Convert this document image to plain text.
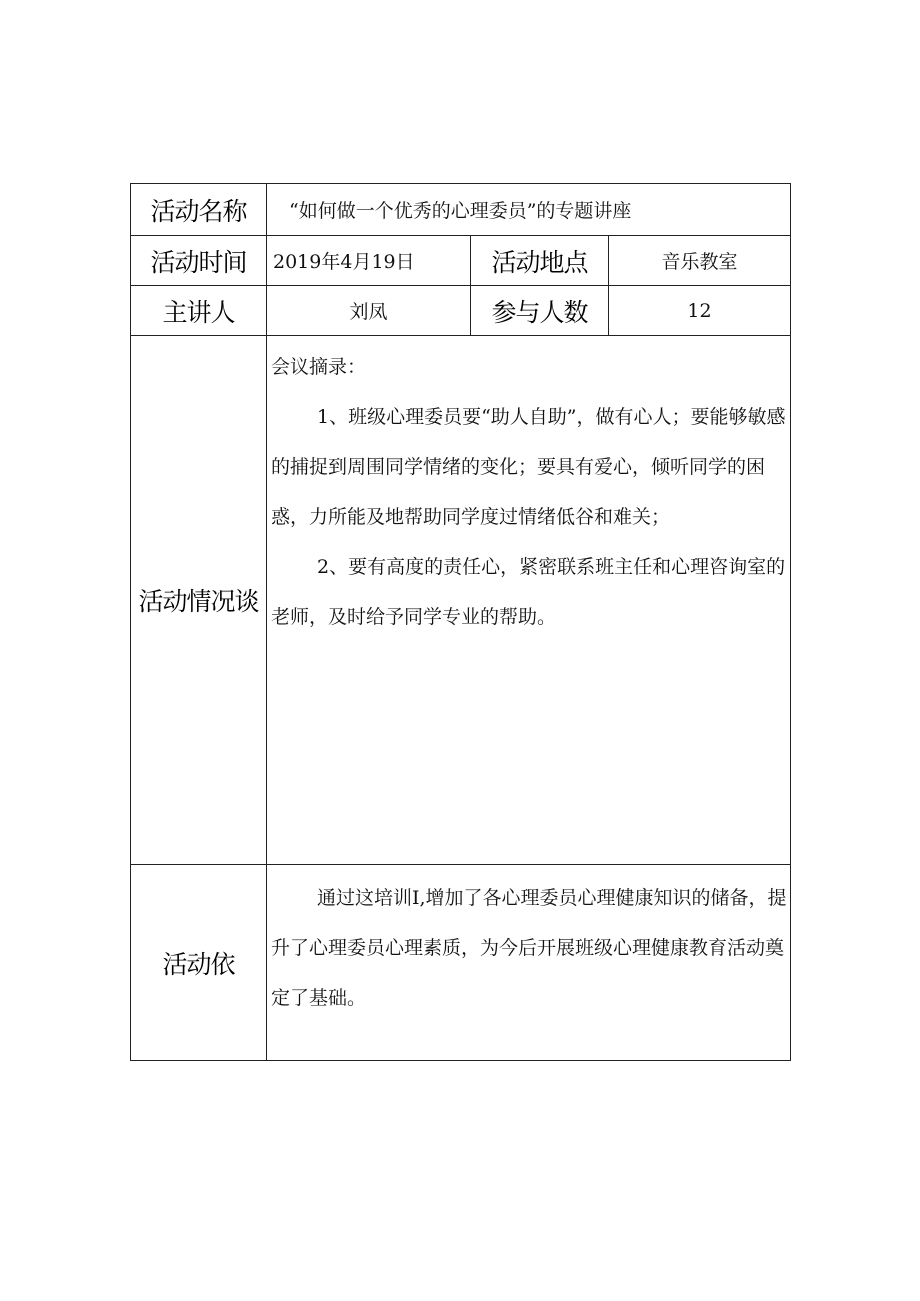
活动名称	“如何做一个优秀的心理委员”的专题讲座		
活动时间	2019年4月19日	活动地点	音乐教室
主讲人	刘凤	参与人数	12
活动情况谈	会议摘录：

1、班级心理委员要“助人自助”，做有心人；要能够敏感的捕捉到周围同学情绪的变化；要具有爱心，倾听同学的困惑，力所能及地帮助同学度过情绪低谷和难关；

2、要有高度的责任心，紧密联系班主任和心理咨询室的老师，及时给予同学专业的帮助。		

活动依	通过这培训I,增加了各心理委员心理健康知识的储备，提升了心理委员心理素质，为今后开展班级心理健康教育活动奠定了基础。		
